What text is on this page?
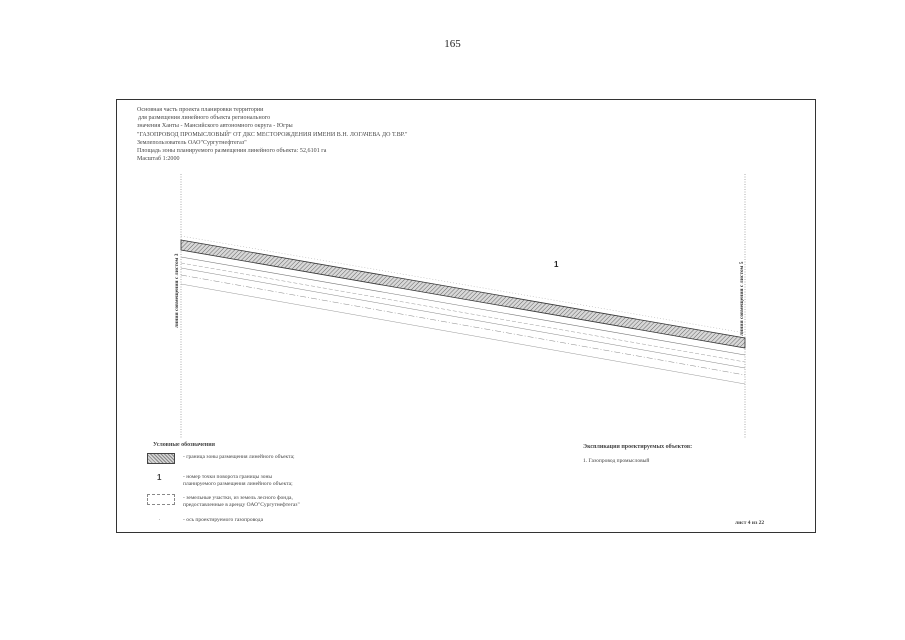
165
Основная часть проекта планировки территории
для размещения линейного объекта регионального
значения Ханты - Мансийского автономного округа - Югры
"ГАЗОПРОВОД ПРОМЫСЛОВЫЙ" ОТ ДКС МЕСТОРОЖДЕНИЯ ИМЕНИ В.Н. ЛОГАЧЕВА ДО Т.ВР."
Землепользователь ОАО"Сургутнефтегаз"
Площадь зоны планируемого размещения линейного объекта: 52,6101 га
Масштаб 1:2000
линия совмещения с листом 3	линия совмещения с листом 5
1
Условные обозначения
- граница зоны размещения линейного объекта;
1	- номер точки поворота границы зоны
планируемого размещения линейного объекта;
- земельные участки, из земель лесного фонда,
предоставленные в аренду ОАО"Сургутнефтегаз"
.	- ось проектируемого газопровода
Экспликация проектируемых объектов:
1. Газопровод промысловый
лист 4 из 22
